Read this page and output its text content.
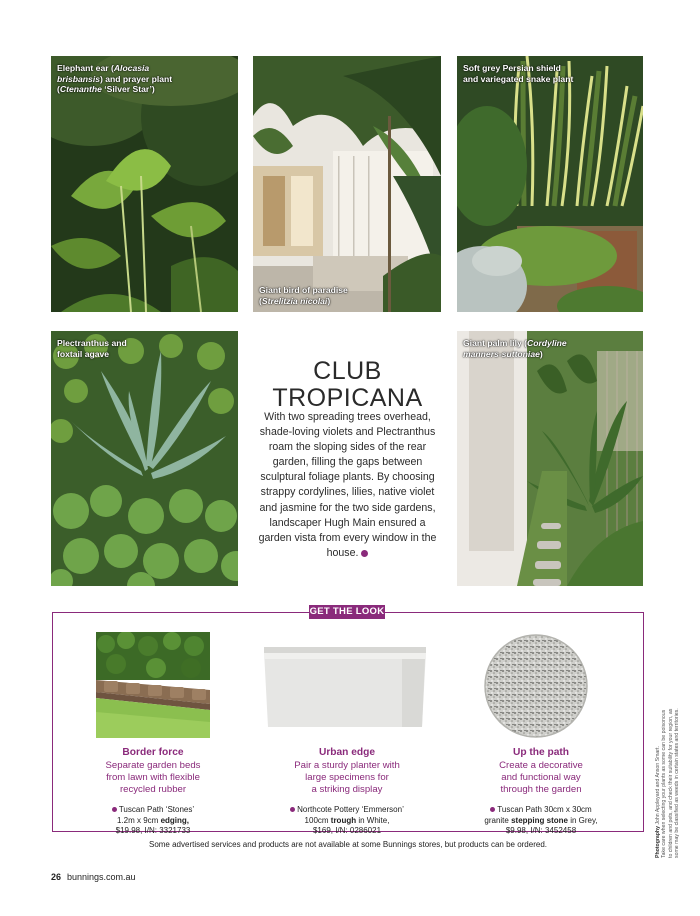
Elephant ear (Alocasia
brisbansis) and prayer plant
(Ctenanthe ‘Silver Star’)
Giant bird of paradise
(Strelitzia nicolai)
Soft grey Persian shield
and variegated snake plant
Plectranthus and
foxtail agave
CLUB
TROPICANA

With two spreading trees overhead, shade-loving violets and Plectranthus roam the sloping sides of the rear garden, filling the gaps between sculptural foliage plants. By choosing strappy cordylines, lilies, native violet and jasmine for the two side gardens, landscaper Hugh Main ensured a garden vista from every window in the house.

Giant palm lily (Cordyline
manners-suttoniae)
GET THE LOOK
Border force
Separate garden beds
from lawn with flexible
recycled rubber
Tuscan Path ‘Stones’
1.2m x 9cm edging,
$19.98, I/N: 3321733
Urban edge
Pair a sturdy planter with
large specimens for
a striking display
Northcote Pottery ‘Emmerson’
100cm trough in White,
$169, I/N: 0286021
Up the path
Create a decorative
and functional way
through the garden
Tuscan Path 30cm x 30cm
granite stepping stone in Grey,
$9.98, I/N: 3452458
Some advertised services and products are not available at some Bunnings stores, but products can be ordered.
26 bunnings.com.au
Photography John Appleyard and Anson Smart. Take care when selecting your plants as some can be poisonous to children and pets, and check their suitability for your region, as some may be classified as weeds in certain states and territories.
